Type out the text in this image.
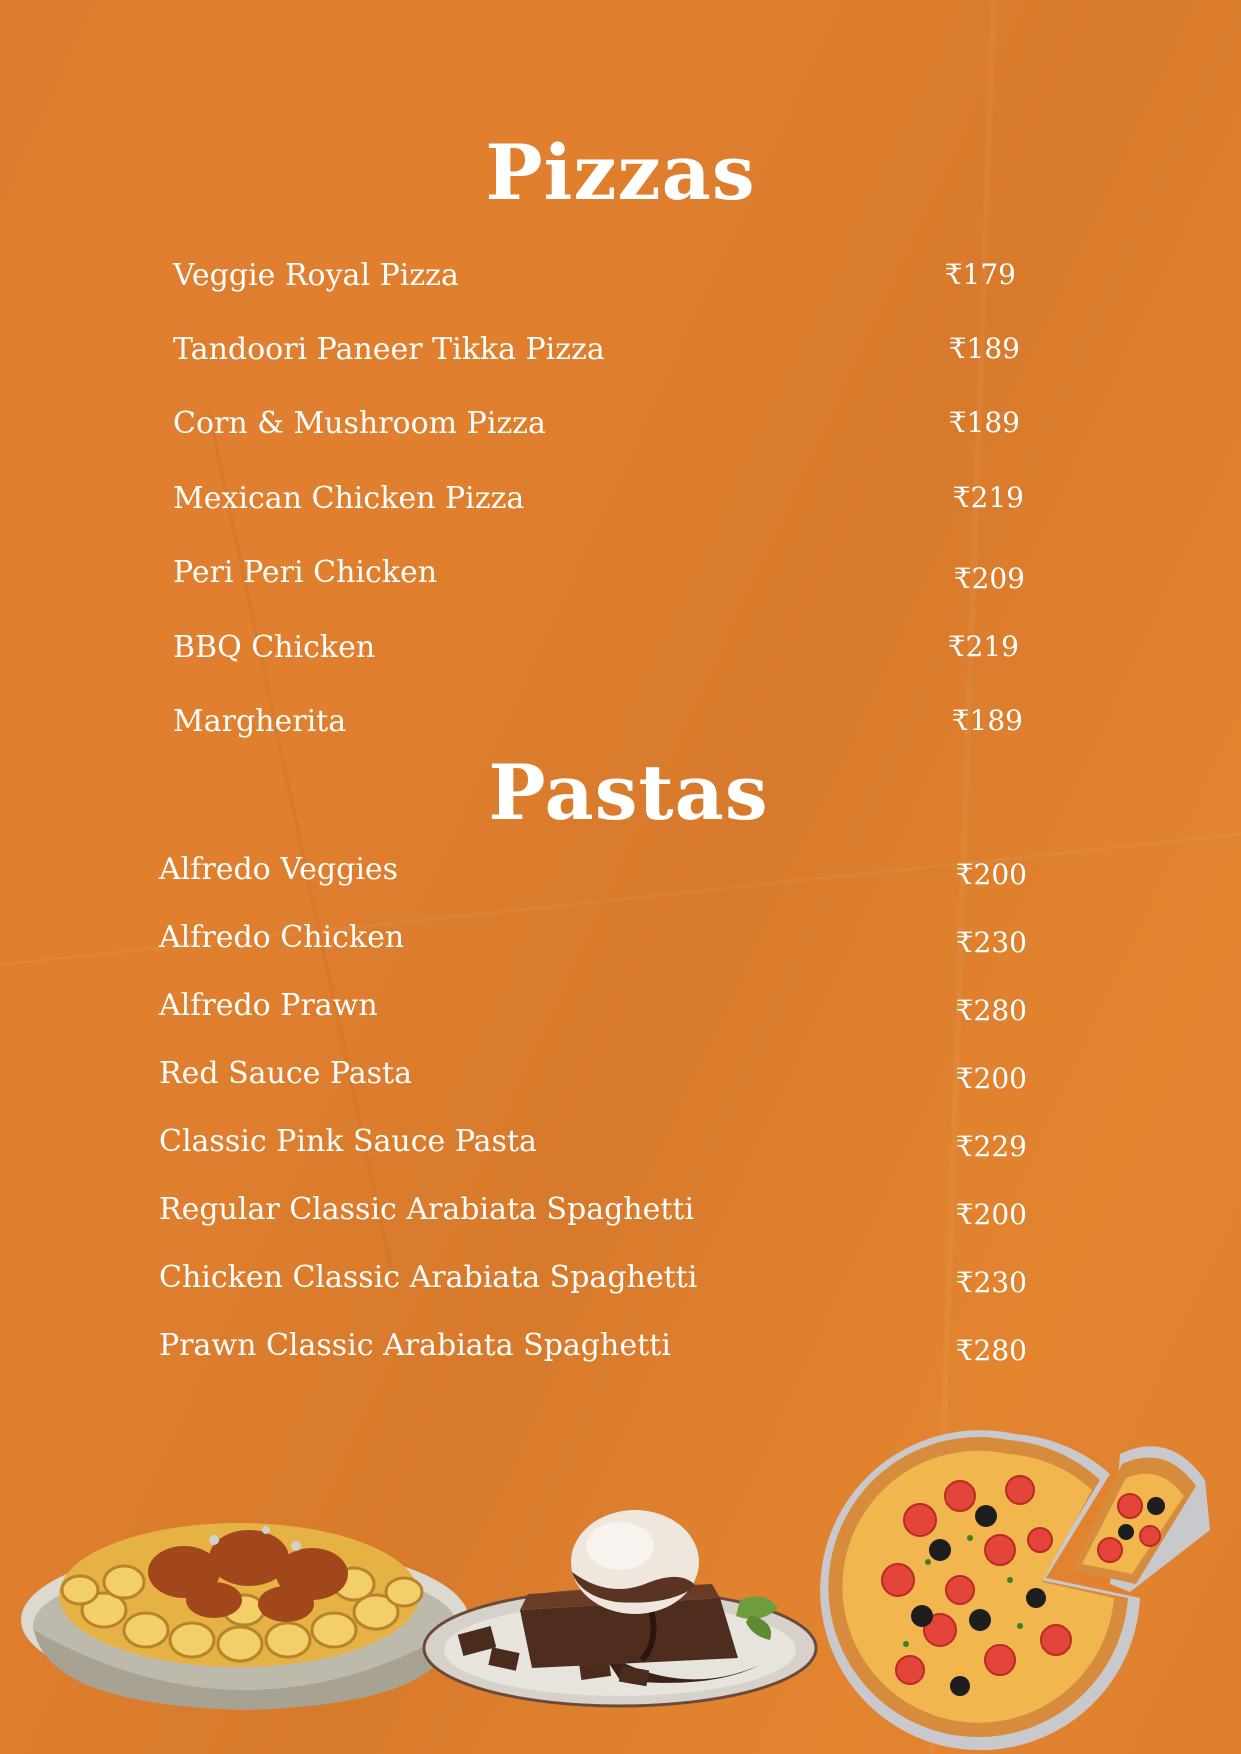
Pizzas
Veggie Royal Pizza	₹179
Tandoori Paneer Tikka Pizza	₹189
Corn & Mushroom Pizza	₹189
Mexican Chicken Pizza	₹219
Peri Peri Chicken	₹209
BBQ Chicken	₹219
Margherita	₹189
Pastas
Alfredo Veggies	₹200
Alfredo Chicken	₹230
Alfredo Prawn	₹280
Red Sauce Pasta	₹200
Classic Pink Sauce Pasta	₹229
Regular Classic Arabiata Spaghetti	₹200
Chicken Classic Arabiata Spaghetti	₹230
Prawn Classic Arabiata Spaghetti	₹280
